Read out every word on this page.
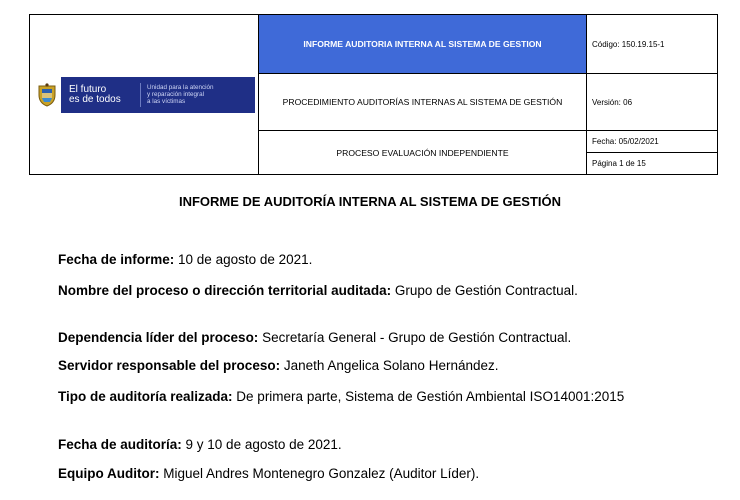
El futuro
es de todos
Unidad para la atención
y reparación integral
a las víctimas	INFORME AUDITORIA INTERNA AL SISTEMA DE GESTION	Código: 150.19.15-1
	PROCEDIMIENTO AUDITORÍAS INTERNAS AL SISTEMA DE GESTIÓN	Versión: 06
	PROCESO EVALUACIÓN INDEPENDIENTE	Fecha: 05/02/2021
Página 1 de 15
INFORME DE AUDITORÍA INTERNA AL SISTEMA DE GESTIÓN
Fecha de informe: 10 de agosto de 2021.
Nombre del proceso o dirección territorial auditada: Grupo de Gestión Contractual.
Dependencia líder del proceso: Secretaría General - Grupo de Gestión Contractual.
Servidor responsable del proceso: Janeth Angelica Solano Hernández.
Tipo de auditoría realizada: De primera parte, Sistema de Gestión Ambiental ISO14001:2015
Fecha de auditoría: 9 y 10 de agosto de 2021.
Equipo Auditor: Miguel Andres Montenegro Gonzalez (Auditor Líder).
